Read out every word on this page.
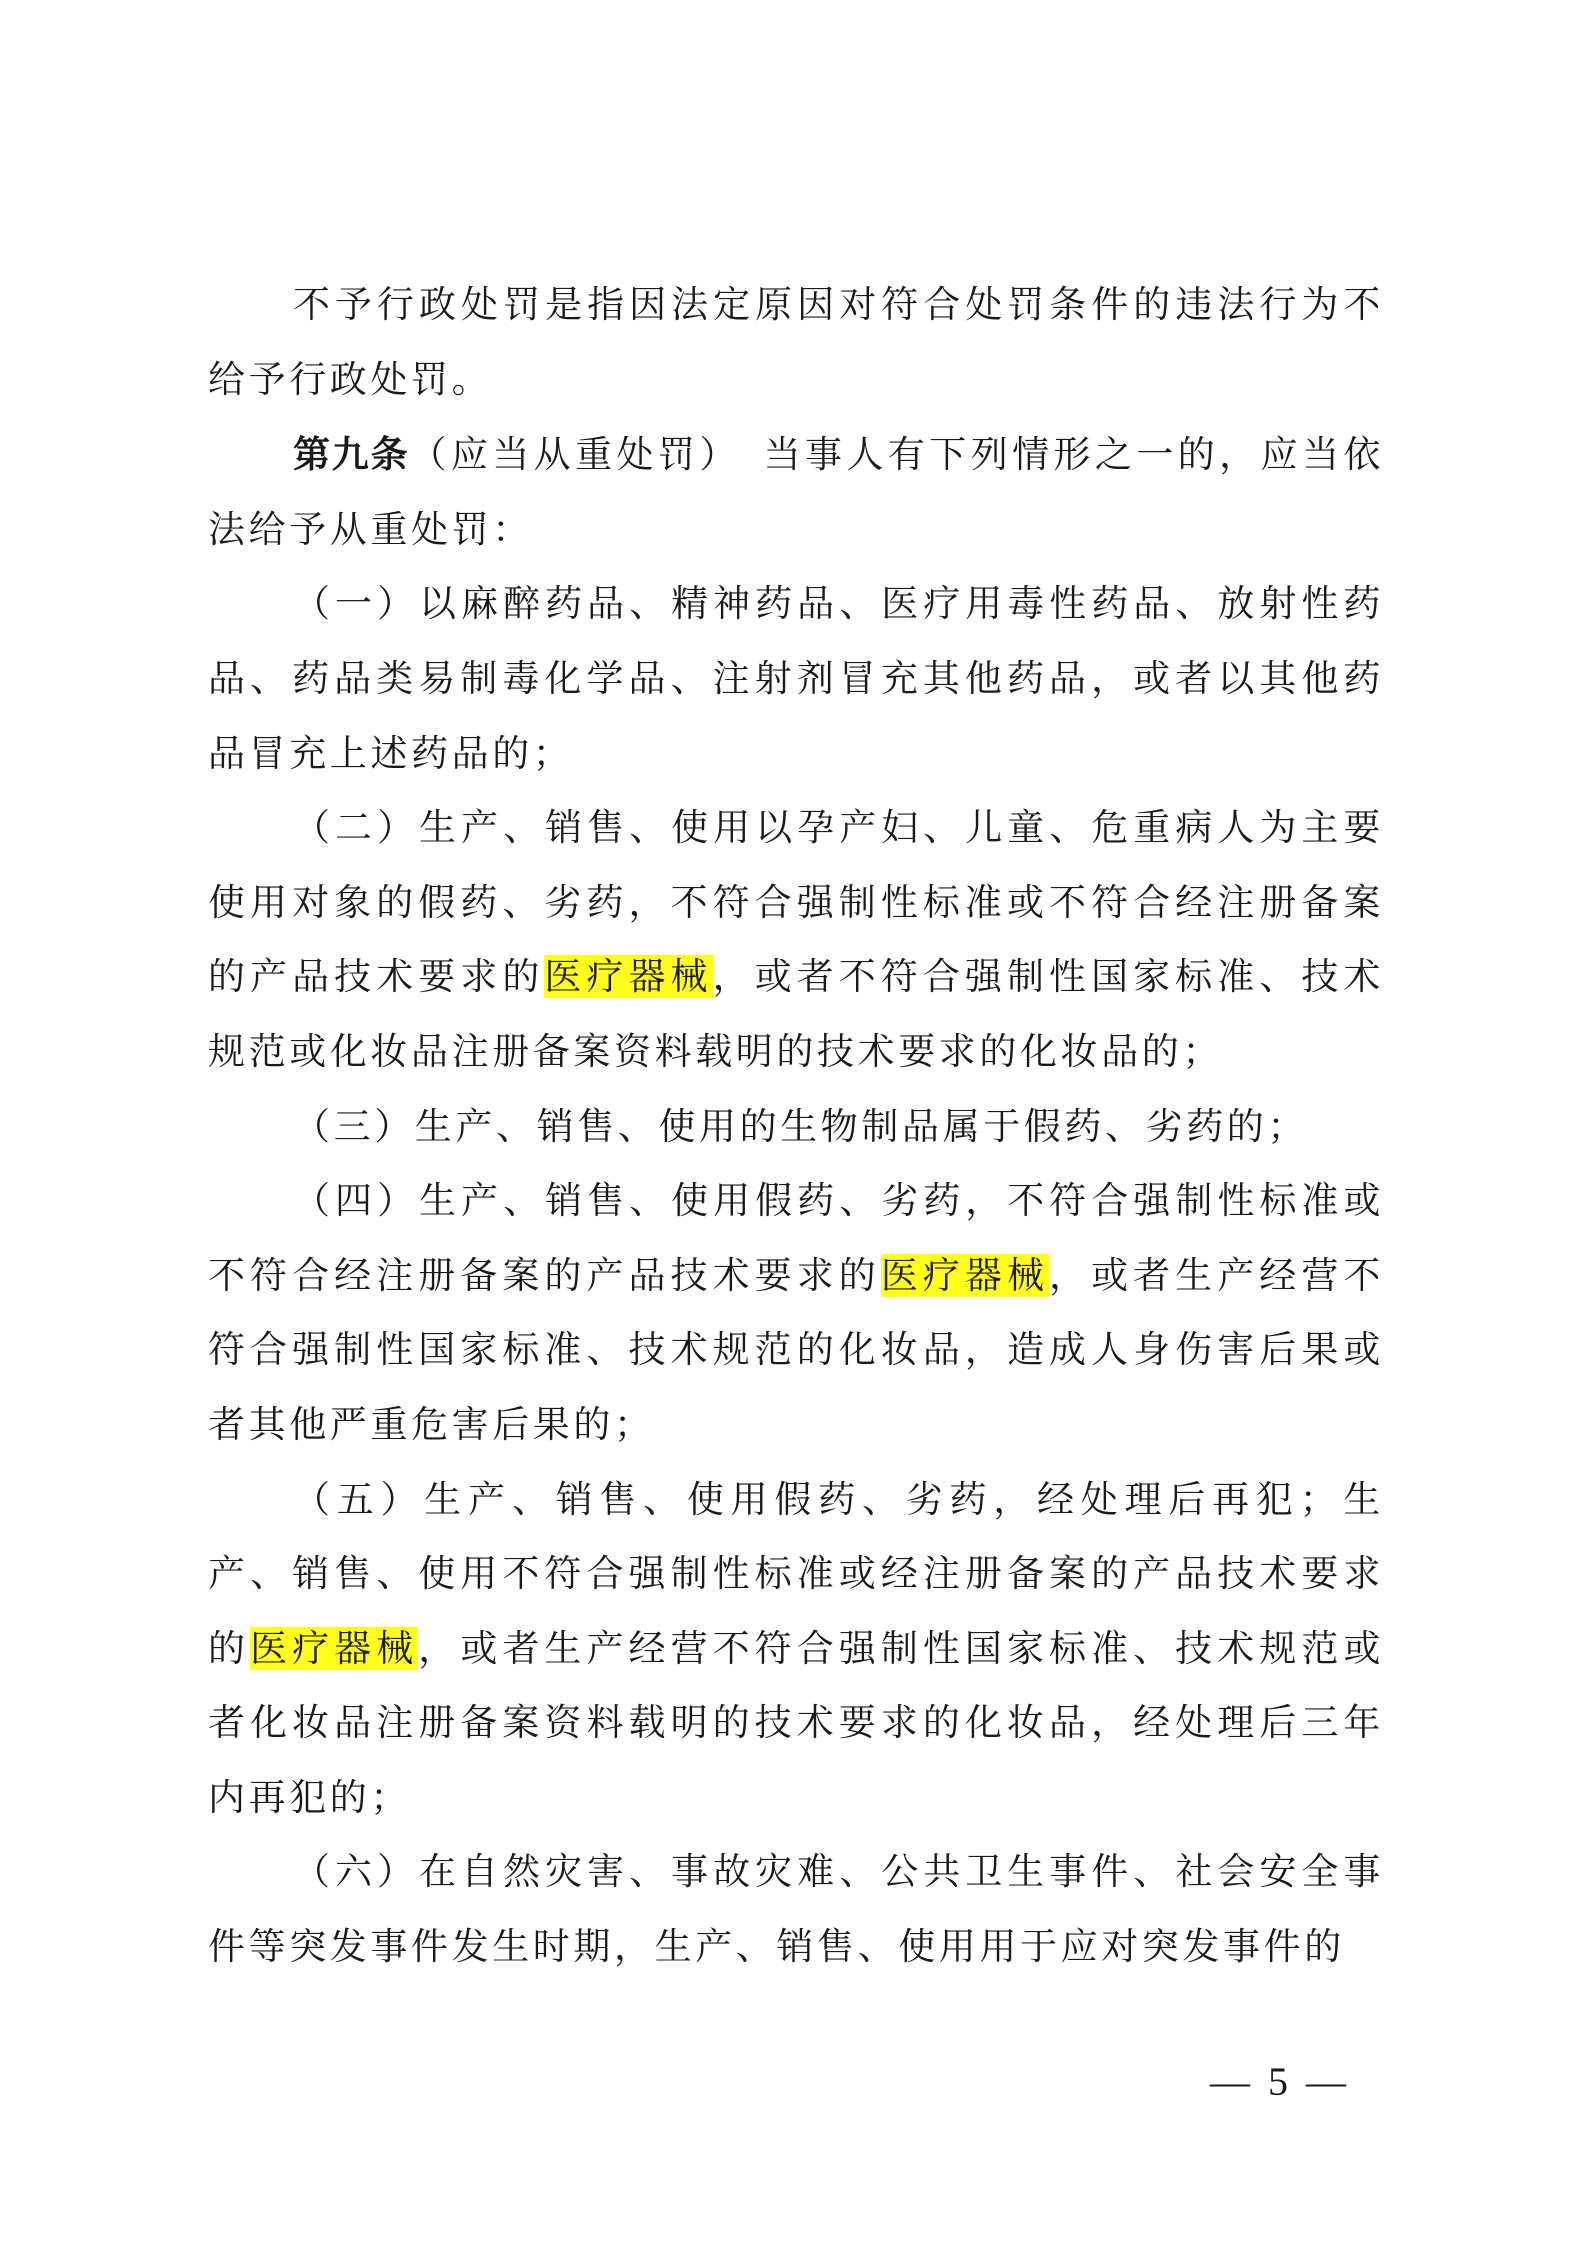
不予行政处罚是指因法定原因对符合处罚条件的违法行为不给予行政处罚。

第九条（应当从重处罚）　当事人有下列情形之一的，应当依法给予从重处罚：

（一）以麻醉药品、精神药品、医疗用毒性药品、放射性药品、药品类易制毒化学品、注射剂冒充其他药品，或者以其他药品冒充上述药品的；

（二）生产、销售、使用以孕产妇、儿童、危重病人为主要使用对象的假药、劣药，不符合强制性标准或不符合经注册备案的产品技术要求的医疗器械，或者不符合强制性国家标准、技术规范或化妆品注册备案资料载明的技术要求的化妆品的；

（三）生产、销售、使用的生物制品属于假药、劣药的；

（四）生产、销售、使用假药、劣药，不符合强制性标准或不符合经注册备案的产品技术要求的医疗器械，或者生产经营不符合强制性国家标准、技术规范的化妆品，造成人身伤害后果或者其他严重危害后果的；

（五）生产、销售、使用假药、劣药，经处理后再犯；生产、销售、使用不符合强制性标准或经注册备案的产品技术要求的医疗器械，或者生产经营不符合强制性国家标准、技术规范或者化妆品注册备案资料载明的技术要求的化妆品，经处理后三年内再犯的；

（六）在自然灾害、事故灾难、公共卫生事件、社会安全事件等突发事件发生时期，生产、销售、使用用于应对突发事件的

— 5 —
